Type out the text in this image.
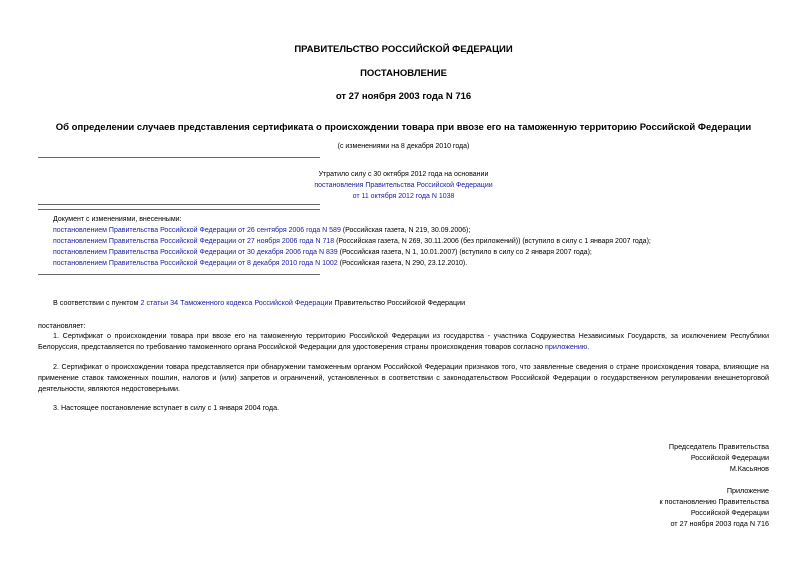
ПРАВИТЕЛЬСТВО РОССИЙСКОЙ ФЕДЕРАЦИИ
ПОСТАНОВЛЕНИЕ
от 27 ноября 2003 года N 716
Об определении случаев представления сертификата о происхождении товара при ввозе его на таможенную территорию Российской Федерации
(с изменениями на 8 декабря 2010 года)
Утратило силу с 30 октября 2012 года на основании
постановления Правительства Российской Федерации
от 11 октября 2012 года N 1038
Документ с изменениями, внесенными:
постановлением Правительства Российской Федерации от 26 сентября 2006 года N 589 (Российская газета, N 219, 30.09.2006);
постановлением Правительства Российской Федерации от 27 ноября 2006 года N 718 (Российская газета, N 269, 30.11.2006 (без приложений)) (вступило в силу с 1 января 2007 года);
постановлением Правительства Российской Федерации от 30 декабря 2006 года N 839 (Российская газета, N 1, 10.01.2007) (вступило в силу со 2 января 2007 года);
постановлением Правительства Российской Федерации от 8 декабря 2010 года N 1002 (Российская газета, N 290, 23.12.2010).
В соответствии с пунктом 2 статьи 34 Таможенного кодекса Российской Федерации Правительство Российской Федерации
постановляет:
1. Сертификат о происхождении товара при ввозе его на таможенную территорию Российской Федерации из государства - участника Содружества Независимых Государств, за исключением Республики Белоруссия, представляется по требованию таможенного органа Российской Федерации для удостоверения страны происхождения товаров согласно приложению.
2. Сертификат о происхождении товара представляется при обнаружении таможенным органом Российской Федерации признаков того, что заявленные сведения о стране происхождения товара, влияющие на применение ставок таможенных пошлин, налогов и (или) запретов и ограничений, установленных в соответствии с законодательством Российской Федерации о государственном регулировании внешнеторговой деятельности, являются недостоверными.
3. Настоящее постановление вступает в силу с 1 января 2004 года.
Председатель Правительства
Российской Федерации
М.Касьянов
Приложение
к постановлению Правительства
Российской Федерации
от 27 ноября 2003 года N 716
